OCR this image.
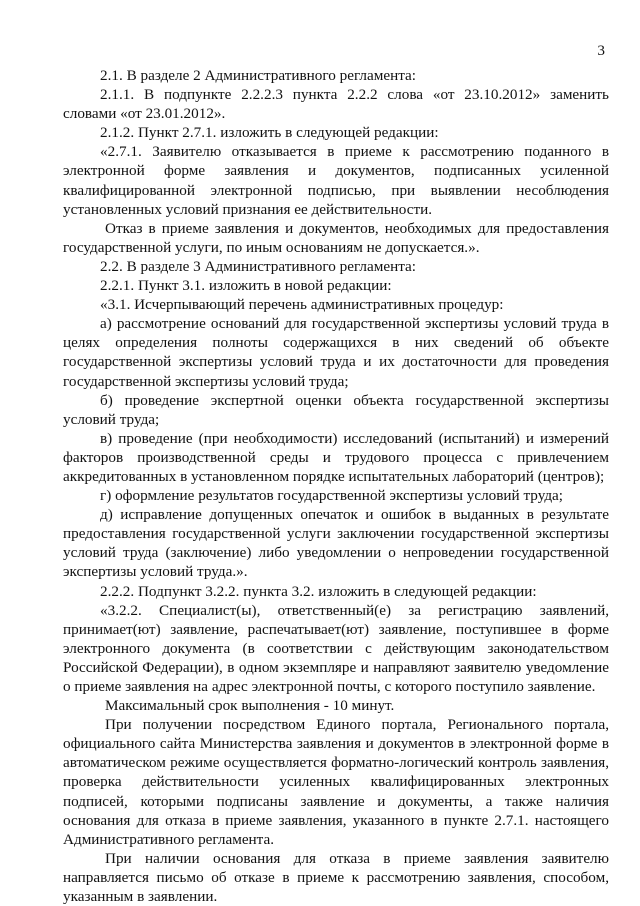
3

2.1. В разделе 2 Административного регламента:

2.1.1. В подпункте 2.2.2.3 пункта 2.2.2 слова «от 23.10.2012» заменить словами «от 23.01.2012».

2.1.2. Пункт 2.7.1. изложить в следующей редакции:

«2.7.1. Заявителю отказывается в приеме к рассмотрению поданного в электронной форме заявления и документов, подписанных усиленной квалифицированной электронной подписью, при выявлении несоблюдения установленных условий признания ее действительности.

Отказ в приеме заявления и документов, необходимых для предоставления государственной услуги, по иным основаниям не допускается.».

2.2. В разделе 3 Административного регламента:

2.2.1. Пункт 3.1. изложить в новой редакции:

«3.1. Исчерпывающий перечень административных процедур:

а) рассмотрение оснований для государственной экспертизы условий труда в целях определения полноты содержащихся в них сведений об объекте государственной экспертизы условий труда и их достаточности для проведения государственной экспертизы условий труда;

б) проведение экспертной оценки объекта государственной экспертизы условий труда;

в) проведение (при необходимости) исследований (испытаний) и измерений факторов производственной среды и трудового процесса с привлечением аккредитованных в установленном порядке испытательных лабораторий (центров);

г) оформление результатов государственной экспертизы условий труда;

д) исправление допущенных опечаток и ошибок в выданных в результате предоставления государственной услуги заключении государственной экспертизы условий труда (заключение) либо уведомлении о непроведении государственной экспертизы условий труда.».

2.2.2. Подпункт 3.2.2. пункта 3.2. изложить в следующей редакции:

«3.2.2. Специалист(ы), ответственный(е) за регистрацию заявлений, принимает(ют) заявление, распечатывает(ют) заявление, поступившее в форме электронного документа (в соответствии с действующим законодательством Российской Федерации), в одном экземпляре и направляют заявителю уведомление о приеме заявления на адрес электронной почты, с которого поступило заявление.

Максимальный срок выполнения - 10 минут.

При получении посредством Единого портала, Регионального портала, официального сайта Министерства заявления и документов в электронной форме в автоматическом режиме осуществляется форматно-логический контроль заявления, проверка действительности усиленных квалифицированных электронных подписей, которыми подписаны заявление и документы, а также наличия основания для отказа в приеме заявления, указанного в пункте 2.7.1. настоящего Административного регламента.

При наличии основания для отказа в приеме заявления заявителю направляется письмо об отказе в приеме к рассмотрению заявления, способом, указанным в заявлении.
